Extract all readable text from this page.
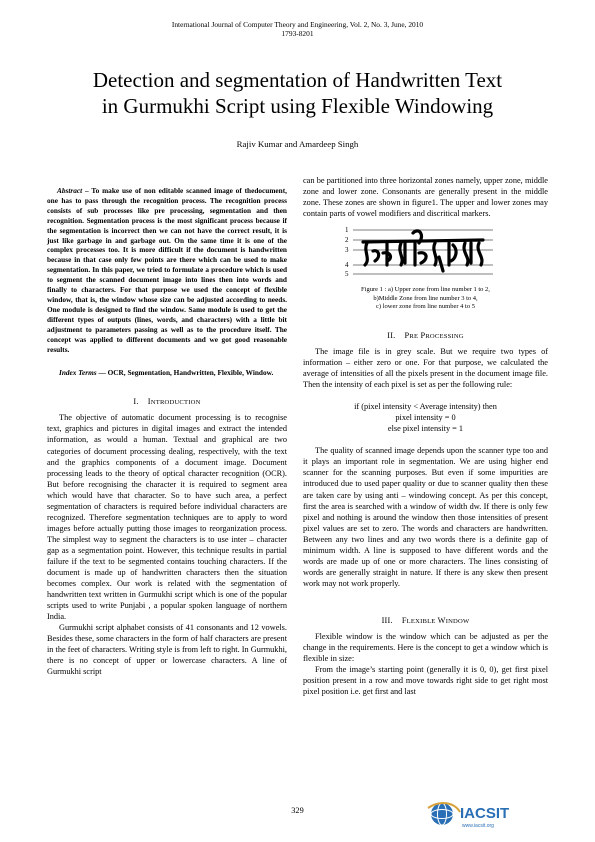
International Journal of Computer Theory and Engineering, Vol. 2, No. 3, June, 2010
1793-8201
Detection and segmentation of Handwritten Text
in Gurmukhi Script using Flexible Windowing
Rajiv Kumar and Amardeep Singh

Abstract – To make use of non editable scanned image of thedocument, one has to pass through the recognition process. The recognition process consists of sub processes like pre processing, segmentation and then recognition. Segmentation process is the most significant process because if the segmentation is incorrect then we can not have the correct result, it is just like garbage in and garbage out. On the same time it is one of the complex processes too. It is more difficult if the document is handwritten because in that case only few points are there which can be used to make segmentation. In this paper, we tried to formulate a procedure which is used to segment the scanned document image into lines then into words and finally to characters. For that purpose we used the concept of flexible window, that is, the window whose size can be adjusted according to needs. One module is designed to find the window. Same module is used to get the different types of outputs (lines, words, and characters) with a little bit adjustment to parameters passing as well as to the procedure itself. The concept was applied to different documents and we got good reasonable results.

Index Terms — OCR, Segmentation, Handwritten, Flexible, Window.

I. INTRODUCTION

The objective of automatic document processing is to recognise text, graphics and pictures in digital images and extract the intended information, as would a human. Textual and graphical are two categories of document processing dealing, respectively, with the text and the graphics components of a document image. Document processing leads to the theory of optical character recognition (OCR). But before recognising the character it is required to segment area which would have that character. So to have such area, a perfect segmentation of characters is required before individual characters are recognized. Therefore segmentation techniques are to apply to word images before actually putting those images to reorganization process. The simplest way to segment the characters is to use inter – character gap as a segmentation point. However, this technique results in partial failure if the text to be segmented contains touching characters. If the document is made up of handwritten characters then the situation becomes complex. Our work is related with the segmentation of handwritten text written in Gurmukhi script which is one of the popular scripts used to write Punjabi , a popular spoken language of northern India.

Gurmukhi script alphabet consists of 41 consonants and 12 vowels. Besides these, some characters in the form of half characters are present in the feet of characters. Writing style is from left to right. In Gurmukhi, there is no concept of upper or lowercase characters. A line of Gurmukhi script

can be partitioned into three horizontal zones namely, upper zone, middle zone and lower zone. Consonants are generally present in the middle zone. These zones are shown in figure1. The upper and lower zones may contain parts of vowel modifiers and discritical markers.

1
2
3
4
5
Figure 1 : a) Upper zone from line number 1 to 2,
b)Middle Zone from line number 3 to 4,
c) lower zone from line number 4 to 5

II. PRE PROCESSING

The image file is in grey scale. But we require two types of information – either zero or one. For that purpose, we calculated the average of intensities of all the pixels present in the document image file. Then the intensity of each pixel is set as per the following rule:

if (pixel intensity < Average intensity) then

pixel intensity = 0

else pixel intensity = 1

The quality of scanned image depends upon the scanner type too and it plays an important role in segmentation. We are using higher end scanner for the scanning purposes. But even if some impurities are introduced due to used paper quality or due to scanner quality then these are taken care by using anti – windowing concept. As per this concept, first the area is searched with a window of width dw. If there is only few pixel and nothing is around the window then those intensities of present pixel values are set to zero. The words and characters are handwritten. Between any two lines and any two words there is a definite gap of minimum width. A line is supposed to have different words and the words are made up of one or more characters. The lines consisting of words are generally straight in nature. If there is any skew then present work may not work properly.

III. FLEXIBLE WINDOW

Flexible window is the window which can be adjusted as per the change in the requirements. Here is the concept to get a window which is flexible in size:

From the image’s starting point (generally it is 0, 0), get first pixel position present in a row and move towards right side to get right most pixel position i.e. get first and last

329	IACSIT
www.iacsit.org
